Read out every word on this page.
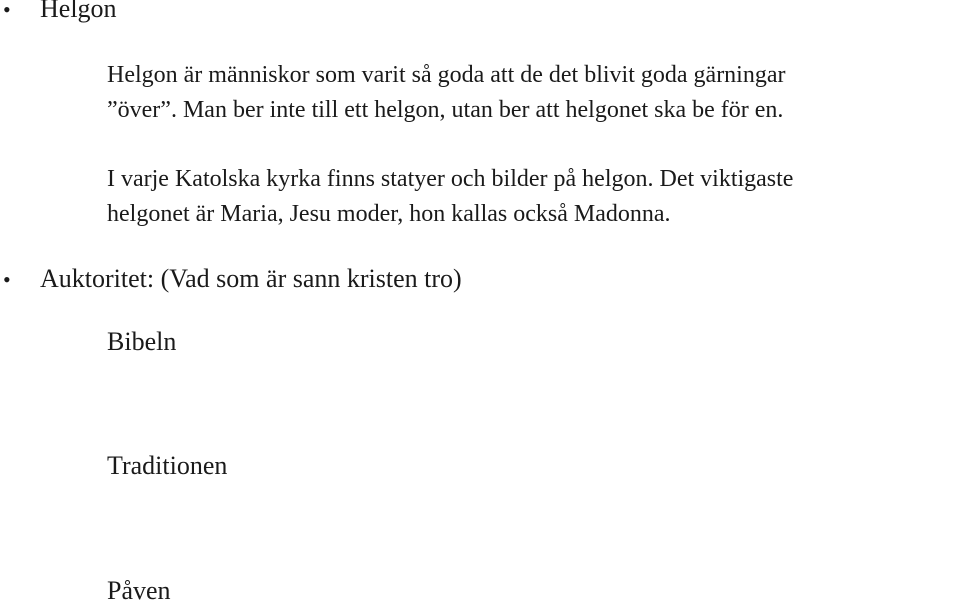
•	Helgon
Helgon är människor som varit så goda att de det blivit goda gärningar
”över”. Man ber inte till ett helgon, utan ber att helgonet ska be för en.
I varje Katolska kyrka finns statyer och bilder på helgon. Det viktigaste
helgonet är Maria, Jesu moder, hon kallas också Madonna.
•	Auktoritet: (Vad som är sann kristen tro)
Bibeln
Traditionen
Påven
